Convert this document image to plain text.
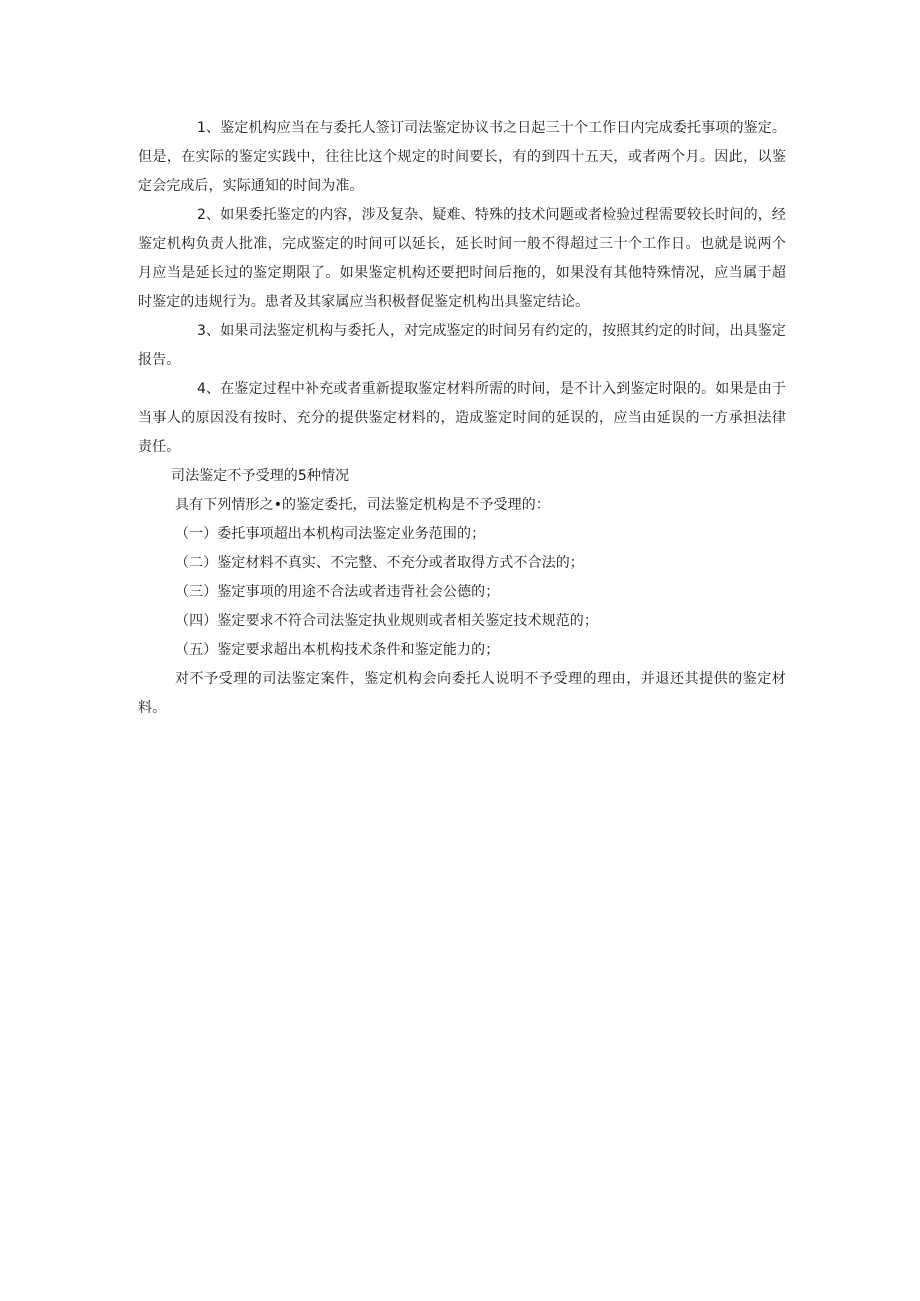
1、鉴定机构应当在与委托人签订司法鉴定协议书之日起三十个工作日内完成委托事项的鉴定。但是，在实际的鉴定实践中，往往比这个规定的时间要长，有的到四十五天，或者两个月。因此，以鉴定会完成后，实际通知的时间为准。

2、如果委托鉴定的内容，涉及复杂、疑难、特殊的技术问题或者检验过程需要较长时间的，经鉴定机构负责人批准，完成鉴定的时间可以延长，延长时间一般不得超过三十个工作日。也就是说两个月应当是延长过的鉴定期限了。如果鉴定机构还要把时间后拖的，如果没有其他特殊情况，应当属于超时鉴定的违规行为。患者及其家属应当积极督促鉴定机构出具鉴定结论。

3、如果司法鉴定机构与委托人，对完成鉴定的时间另有约定的，按照其约定的时间，出具鉴定报告。

4、在鉴定过程中补充或者重新提取鉴定材料所需的时间，是不计入到鉴定时限的。如果是由于当事人的原因没有按时、充分的提供鉴定材料的，造成鉴定时间的延误的，应当由延误的一方承担法律责任。

司法鉴定不予受理的5种情况

具有下列情形之•的鉴定委托，司法鉴定机构是不予受理的：

（一）委托事项超出本机构司法鉴定业务范围的；

（二）鉴定材料不真实、不完整、不充分或者取得方式不合法的；

（三）鉴定事项的用途不合法或者违背社会公德的；

（四）鉴定要求不符合司法鉴定执业规则或者相关鉴定技术规范的；

（五）鉴定要求超出本机构技术条件和鉴定能力的；

对不予受理的司法鉴定案件，鉴定机构会向委托人说明不予受理的理由，并退还其提供的鉴定材料。
